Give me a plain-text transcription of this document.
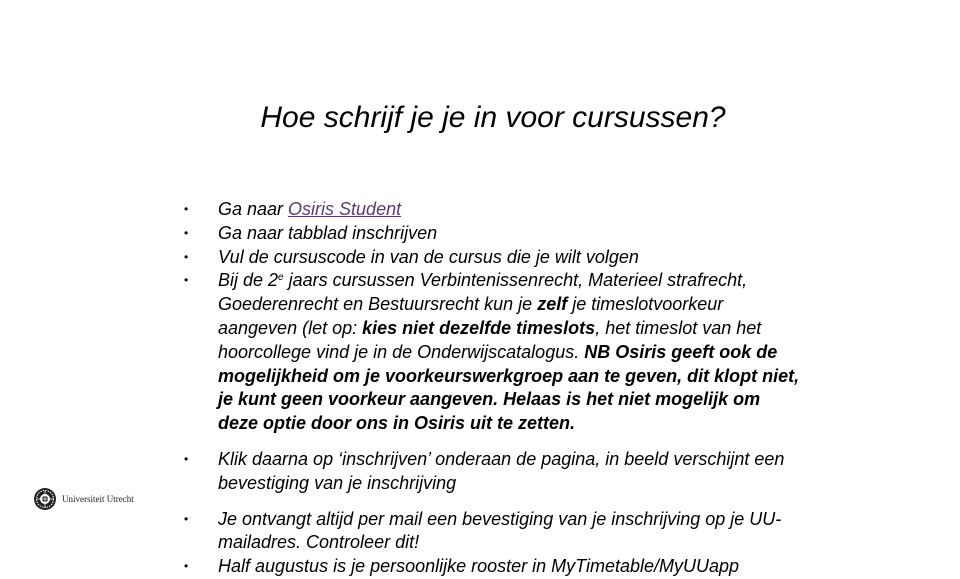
Hoe schrijf je je in voor cursussen?
• Ga naar Osiris Student
• Ga naar tabblad inschrijven
• Vul de cursuscode in van de cursus die je wilt volgen
• Bij de 2e jaars cursussen Verbintenissenrecht, Materieel strafrecht, Goederenrecht en Bestuursrecht kun je zelf je timeslotvoorkeur aangeven (let op: kies niet dezelfde timeslots, het timeslot van het hoorcollege vind je in de Onderwijscatalogus. NB Osiris geeft ook de mogelijkheid om je voorkeurswerkgroep aan te geven, dit klopt niet, je kunt geen voorkeur aangeven. Helaas is het niet mogelijk om deze optie door ons in Osiris uit te zetten.
• Klik daarna op ‘inschrijven’ onderaan de pagina, in beeld verschijnt een bevestiging van je inschrijving
• Je ontvangt altijd per mail een bevestiging van je inschrijving op je UU-mailadres. Controleer dit!
• Half augustus is je persoonlijke rooster in MyTimetable/MyUUapp
Universiteit Utrecht
